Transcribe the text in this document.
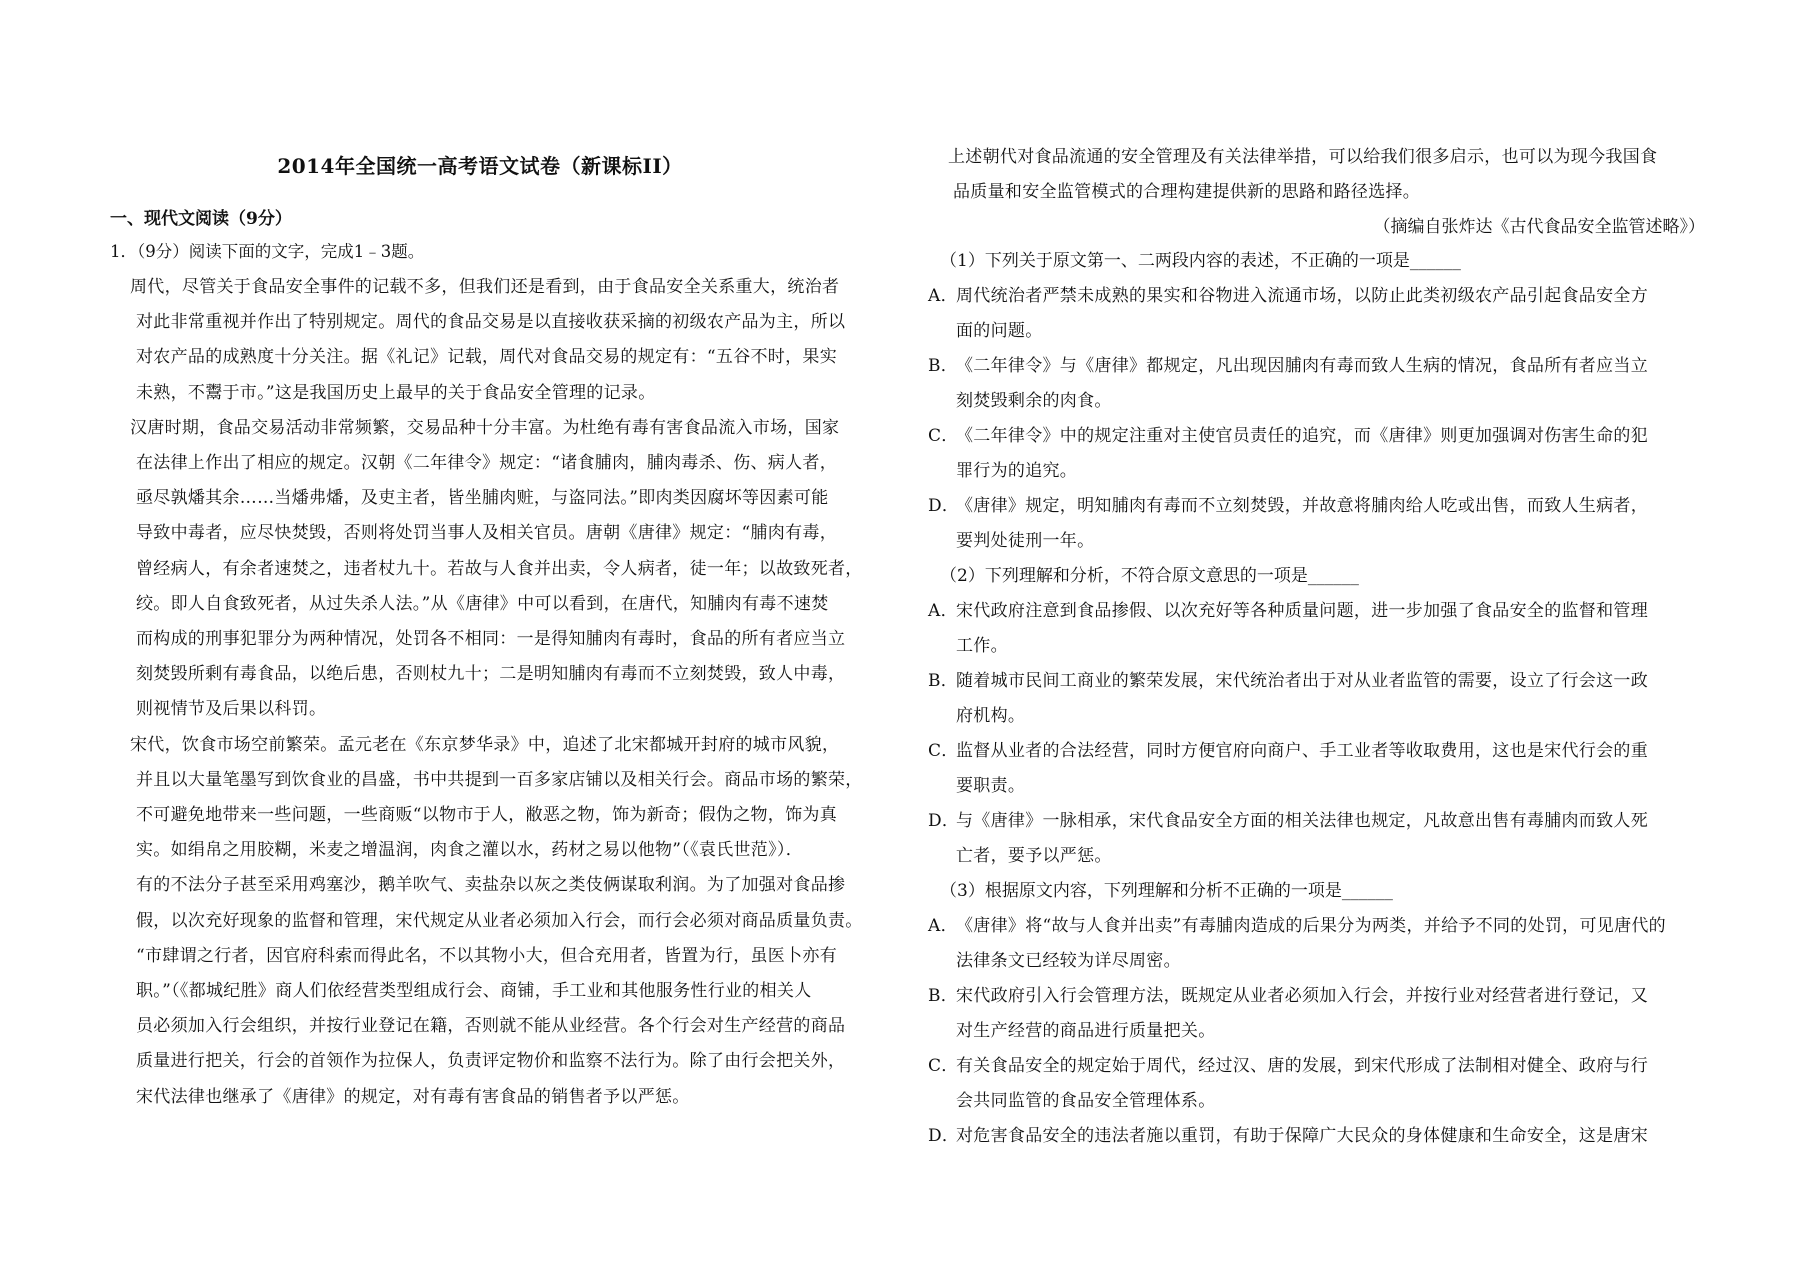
2014年全国统一高考语文试卷（新课标II）
一、现代文阅读（9分）
1．（9分）阅读下面的文字，完成1﹣3题。
周代，尽管关于食品安全事件的记载不多，但我们还是看到，由于食品安全关系重大，统治者
对此非常重视并作出了特别规定。周代的食品交易是以直接收获采摘的初级农产品为主，所以
对农产品的成熟度十分关注。据《礼记》记载，周代对食品交易的规定有：“五谷不时，果实
未熟，不鬻于市。”这是我国历史上最早的关于食品安全管理的记录。
汉唐时期，食品交易活动非常频繁，交易品种十分丰富。为杜绝有毒有害食品流入市场，国家
在法律上作出了相应的规定。汉朝《二年律令》规定：“诸食脯肉，脯肉毒杀、伤、病人者，
亟尽孰燔其余……当燔弗燔，及吏主者，皆坐脯肉赃，与盗同法。”即肉类因腐坏等因素可能
导致中毒者，应尽快焚毁，否则将处罚当事人及相关官员。唐朝《唐律》规定：“脯肉有毒，
曾经病人，有余者速焚之，违者杖九十。若故与人食并出卖，令人病者，徒一年；以故致死者，
绞。即人自食致死者，从过失杀人法。”从《唐律》中可以看到，在唐代，知脯肉有毒不速焚
而构成的刑事犯罪分为两种情况，处罚各不相同：一是得知脯肉有毒时，食品的所有者应当立
刻焚毁所剩有毒食品，以绝后患，否则杖九十；二是明知脯肉有毒而不立刻焚毁，致人中毒，
则视情节及后果以科罚。
宋代，饮食市场空前繁荣。孟元老在《东京梦华录》中，追述了北宋都城开封府的城市风貌，
并且以大量笔墨写到饮食业的昌盛，书中共提到一百多家店铺以及相关行会。商品市场的繁荣，
不可避免地带来一些问题，一些商贩“以物市于人，敝恶之物，饰为新奇；假伪之物，饰为真
实。如绢帛之用胶糊，米麦之增温润，肉食之灌以水，药材之易以他物”（《袁氏世范》）．
有的不法分子甚至采用鸡塞沙，鹅羊吹气、卖盐杂以灰之类伎俩谋取利润。为了加强对食品掺
假，以次充好现象的监督和管理，宋代规定从业者必须加入行会，而行会必须对商品质量负责。
“市肆谓之行者，因官府科索而得此名，不以其物小大，但合充用者，皆置为行，虽医卜亦有
职。”（《都城纪胜》商人们依经营类型组成行会、商铺，手工业和其他服务性行业的相关人
员必须加入行会组织，并按行业登记在籍，否则就不能从业经营。各个行会对生产经营的商品
质量进行把关，行会的首领作为拉保人，负责评定物价和监察不法行为。除了由行会把关外，
宋代法律也继承了《唐律》的规定，对有毒有害食品的销售者予以严惩。
上述朝代对食品流通的安全管理及有关法律举措，可以给我们很多启示，也可以为现今我国食
品质量和安全监管模式的合理构建提供新的思路和路径选择。
（摘编自张炸达《古代食品安全监管述略》）
（1）下列关于原文第一、二两段内容的表述，不正确的一项是______
A．周代统治者严禁未成熟的果实和谷物进入流通市场，以防止此类初级农产品引起食品安全方
面的问题。
B．《二年律令》与《唐律》都规定，凡出现因脯肉有毒而致人生病的情况，食品所有者应当立
刻焚毁剩余的肉食。
C．《二年律令》中的规定注重对主使官员责任的追究，而《唐律》则更加强调对伤害生命的犯
罪行为的追究。
D．《唐律》规定，明知脯肉有毒而不立刻焚毁，并故意将脯肉给人吃或出售，而致人生病者，
要判处徒刑一年。
（2）下列理解和分析，不符合原文意思的一项是______
A．宋代政府注意到食品掺假、以次充好等各种质量问题，进一步加强了食品安全的监督和管理
工作。
B．随着城市民间工商业的繁荣发展，宋代统治者出于对从业者监管的需要，设立了行会这一政
府机构。
C．监督从业者的合法经营，同时方便官府向商户、手工业者等收取费用，这也是宋代行会的重
要职责。
D．与《唐律》一脉相承，宋代食品安全方面的相关法律也规定，凡故意出售有毒脯肉而致人死
亡者，要予以严惩。
（3）根据原文内容，下列理解和分析不正确的一项是______
A．《唐律》将“故与人食并出卖”有毒脯肉造成的后果分为两类，并给予不同的处罚，可见唐代的
法律条文已经较为详尽周密。
B．宋代政府引入行会管理方法，既规定从业者必须加入行会，并按行业对经营者进行登记，又
对生产经营的商品进行质量把关。
C．有关食品安全的规定始于周代，经过汉、唐的发展，到宋代形成了法制相对健全、政府与行
会共同监管的食品安全管理体系。
D．对危害食品安全的违法者施以重罚，有助于保障广大民众的身体健康和生命安全，这是唐宋
